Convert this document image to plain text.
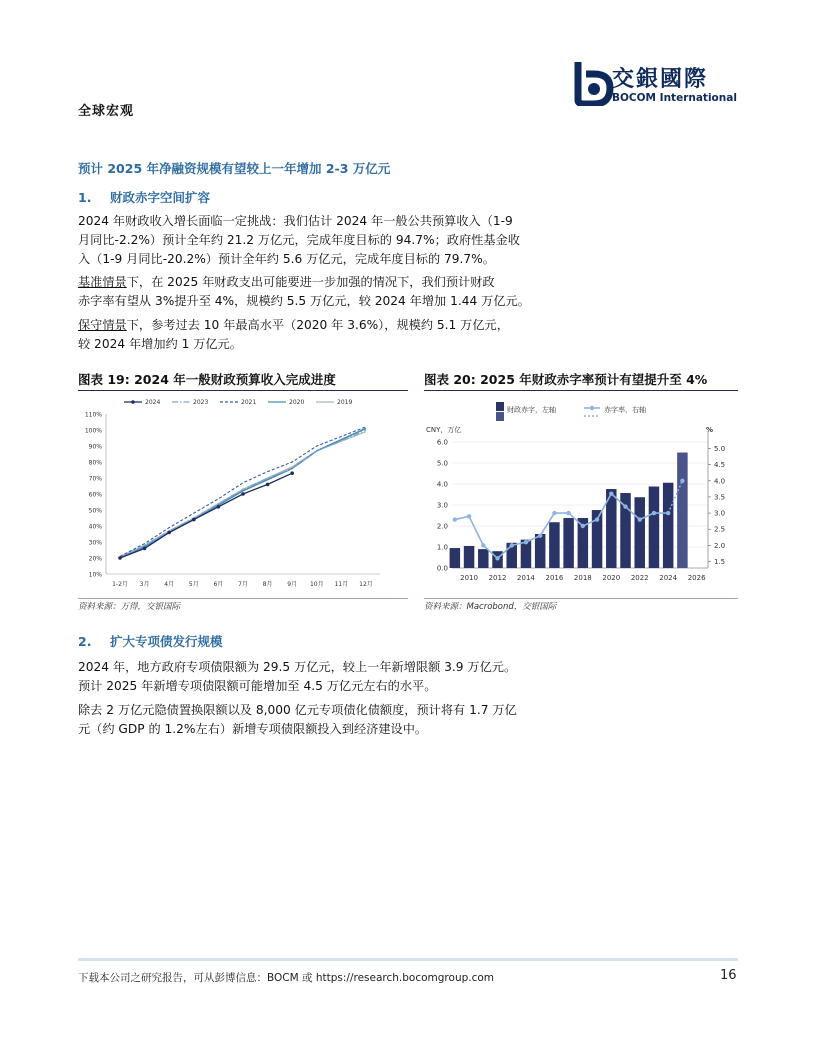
全球宏观
交銀國際
BOCOM International
预计 2025 年净融资规模有望较上一年增加 2-3 万亿元
1. 财政赤字空间扩容
2024 年财政收入增长面临一定挑战：我们估计 2024 年一般公共预算收入（1-9
月同比-2.2%）预计全年约 21.2 万亿元，完成年度目标的 94.7%；政府性基金收
入（1-9 月同比-20.2%）预计全年约 5.6 万亿元，完成年度目标的 79.7%。
基准情景下，在 2025 年财政支出可能要进一步加强的情况下，我们预计财政
赤字率有望从 3%提升至 4%，规模约 5.5 万亿元，较 2024 年增加 1.44 万亿元。
保守情景下，参考过去 10 年最高水平（2020 年 3.6%），规模约 5.1 万亿元，
较 2024 年增加约 1 万亿元。
图表 19: 2024 年一般财政预算收入完成进度
10%
20%
30%
40%
50%
60%
70%
80%
90%
100%
110%
1-2月 3月 4月 5月 6月 7月 8月 9月 10月 11月 12月
2024	2023	2021	2020	2019
资料来源：万得，交银国际
图表 20: 2025 年财政赤字率预计有望提升至 4%
CNY，万亿	%
0.0
1.0
2.0
3.0
4.0
5.0
6.0
1.5
2.0
2.5
3.0
3.5
4.0
4.5
5.0
2010 2012 2014 2016 2018 2020 2022 2024 2026
财政赤字，左轴	赤字率，右轴
资料来源：Macrobond，交银国际
2. 扩大专项债发行规模
2024 年，地方政府专项债限额为 29.5 万亿元，较上一年新增限额 3.9 万亿元。
预计 2025 年新增专项债限额可能增加至 4.5 万亿元左右的水平。
除去 2 万亿元隐债置换限额以及 8,000 亿元专项债化债额度，预计将有 1.7 万亿
元（约 GDP 的 1.2%左右）新增专项债限额投入到经济建设中。
下载本公司之研究报告，可从彭博信息：BOCM 或 https://research.bocomgroup.com	16
